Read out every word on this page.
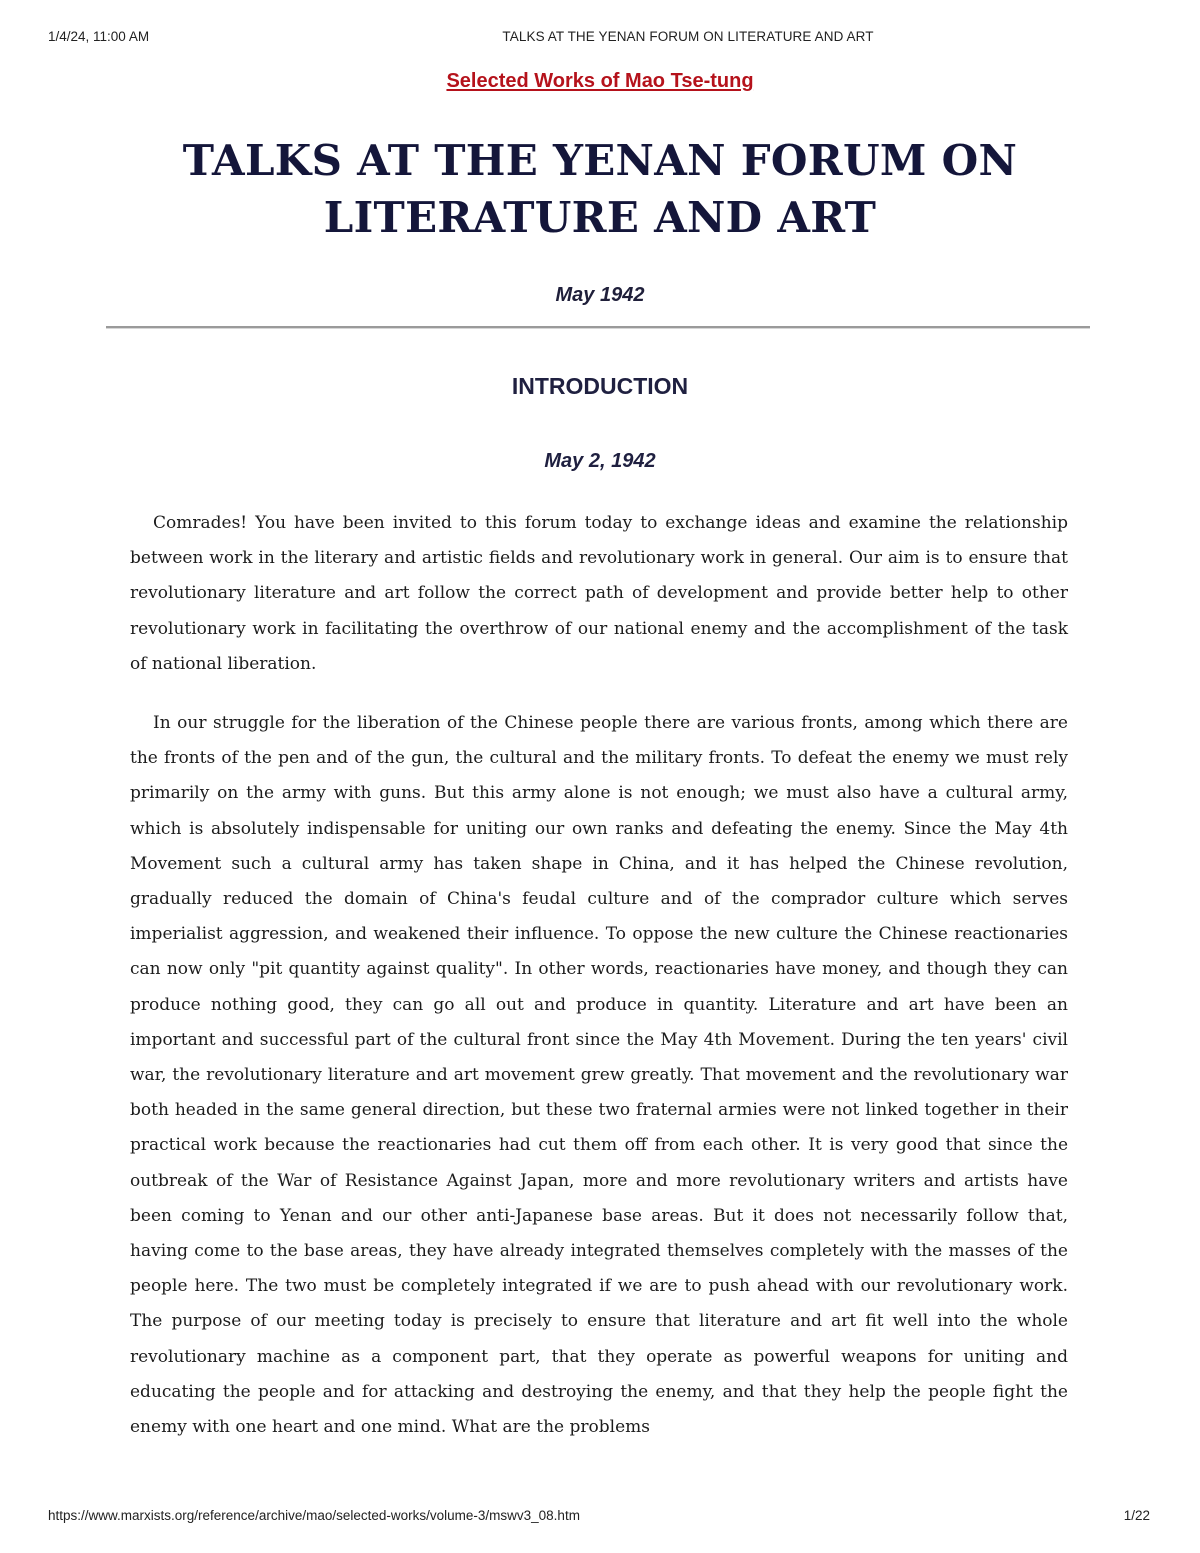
1/4/24, 11:00 AM	TALKS AT THE YENAN FORUM ON LITERATURE AND ART
Selected Works of Mao Tse-tung
TALKS AT THE YENAN FORUM ON LITERATURE AND ART
May 1942
INTRODUCTION
May 2, 1942

Comrades! You have been invited to this forum today to exchange ideas and examine the relationship between work in the literary and artistic fields and revolutionary work in general. Our aim is to ensure that revolutionary literature and art follow the correct path of development and provide better help to other revolutionary work in facilitating the overthrow of our national enemy and the accomplishment of the task of national liberation.

In our struggle for the liberation of the Chinese people there are various fronts, among which there are the fronts of the pen and of the gun, the cultural and the military fronts. To defeat the enemy we must rely primarily on the army with guns. But this army alone is not enough; we must also have a cultural army, which is absolutely indispensable for uniting our own ranks and defeating the enemy. Since the May 4th Movement such a cultural army has taken shape in China, and it has helped the Chinese revolution, gradually reduced the domain of China's feudal culture and of the comprador culture which serves imperialist aggression, and weakened their influence. To oppose the new culture the Chinese reactionaries can now only "pit quantity against quality". In other words, reactionaries have money, and though they can produce nothing good, they can go all out and produce in quantity. Literature and art have been an important and successful part of the cultural front since the May 4th Movement. During the ten years' civil war, the revolutionary literature and art movement grew greatly. That movement and the revolutionary war both headed in the same general direction, but these two fraternal armies were not linked together in their practical work because the reactionaries had cut them off from each other. It is very good that since the outbreak of the War of Resistance Against Japan, more and more revolutionary writers and artists have been coming to Yenan and our other anti-Japanese base areas. But it does not necessarily follow that, having come to the base areas, they have already integrated themselves completely with the masses of the people here. The two must be completely integrated if we are to push ahead with our revolutionary work. The purpose of our meeting today is precisely to ensure that literature and art fit well into the whole revolutionary machine as a component part, that they operate as powerful weapons for uniting and educating the people and for attacking and destroying the enemy, and that they help the people fight the enemy with one heart and one mind. What are the problems

https://www.marxists.org/reference/archive/mao/selected-works/volume-3/mswv3_08.htm	1/22
